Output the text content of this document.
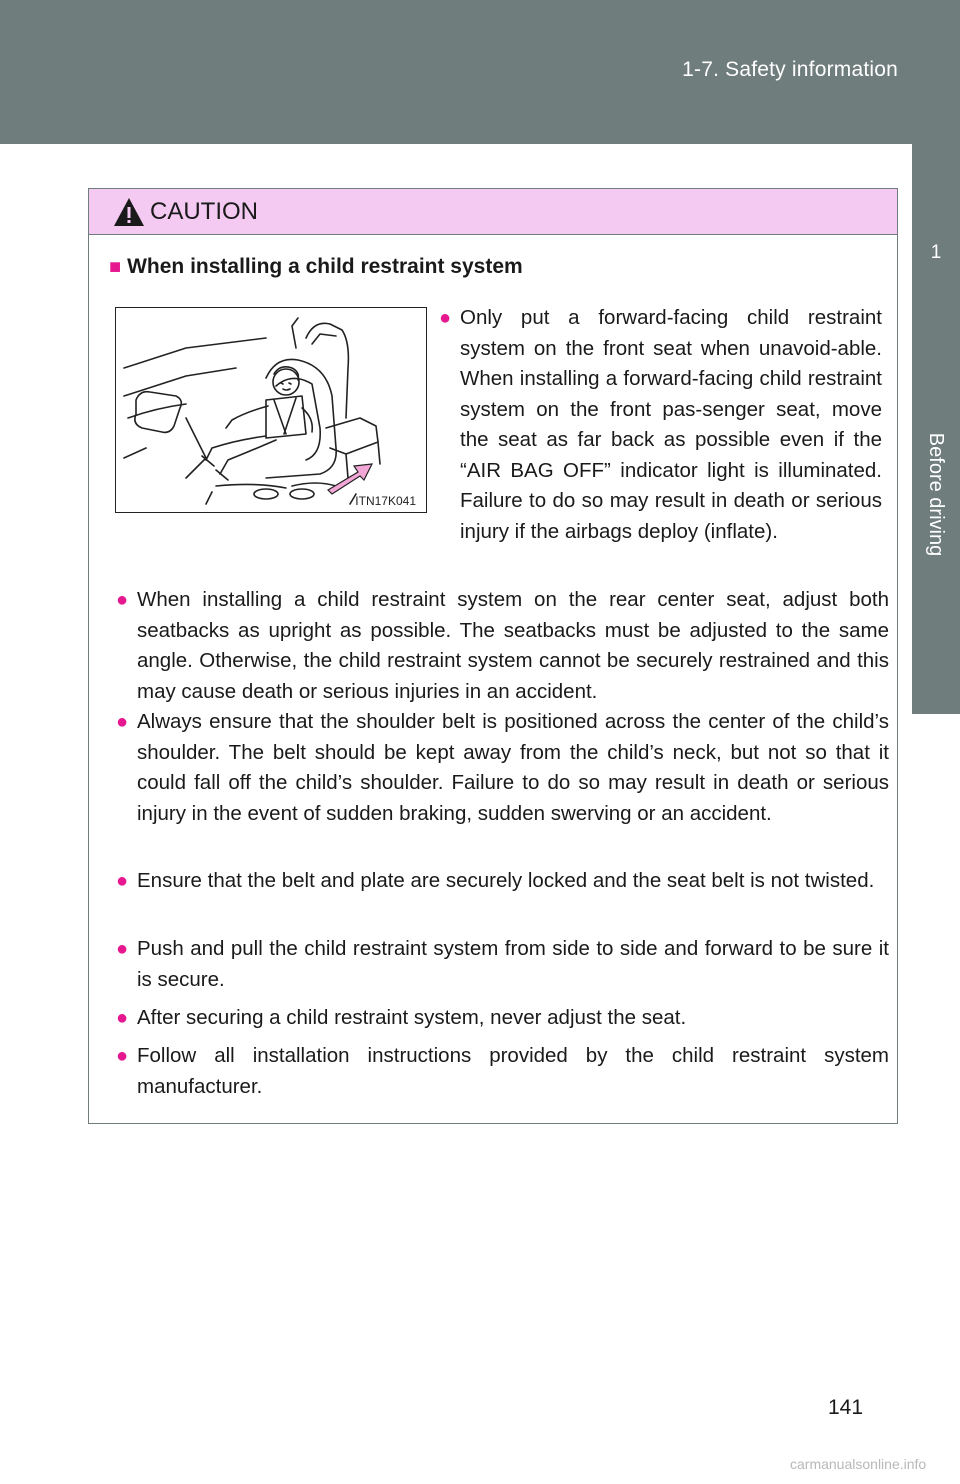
1-7. Safety information
1
Before driving
CAUTION
■ When installing a child restraint system
ITN17K041
● Only put a forward-facing child restraint system on the front seat when unavoid-able. When installing a forward-facing child restraint system on the front pas-senger seat, move the seat as far back as possible even if the “AIR BAG OFF” indicator light is illuminated. Failure to do so may result in death or serious injury if the airbags deploy (inflate).
● When installing a child restraint system on the rear center seat, adjust both seatbacks as upright as possible. The seatbacks must be adjusted to the same angle. Otherwise, the child restraint system cannot be securely restrained and this may cause death or serious injuries in an accident.
● Always ensure that the shoulder belt is positioned across the center of the child’s shoulder. The belt should be kept away from the child’s neck, but not so that it could fall off the child’s shoulder. Failure to do so may result in death or serious injury in the event of sudden braking, sudden swerving or an accident.
● Ensure that the belt and plate are securely locked and the seat belt is not twisted.
● Push and pull the child restraint system from side to side and forward to be sure it is secure.
● After securing a child restraint system, never adjust the seat.
● Follow all installation instructions provided by the child restraint system manufacturer.
141
carmanualsonline.info
